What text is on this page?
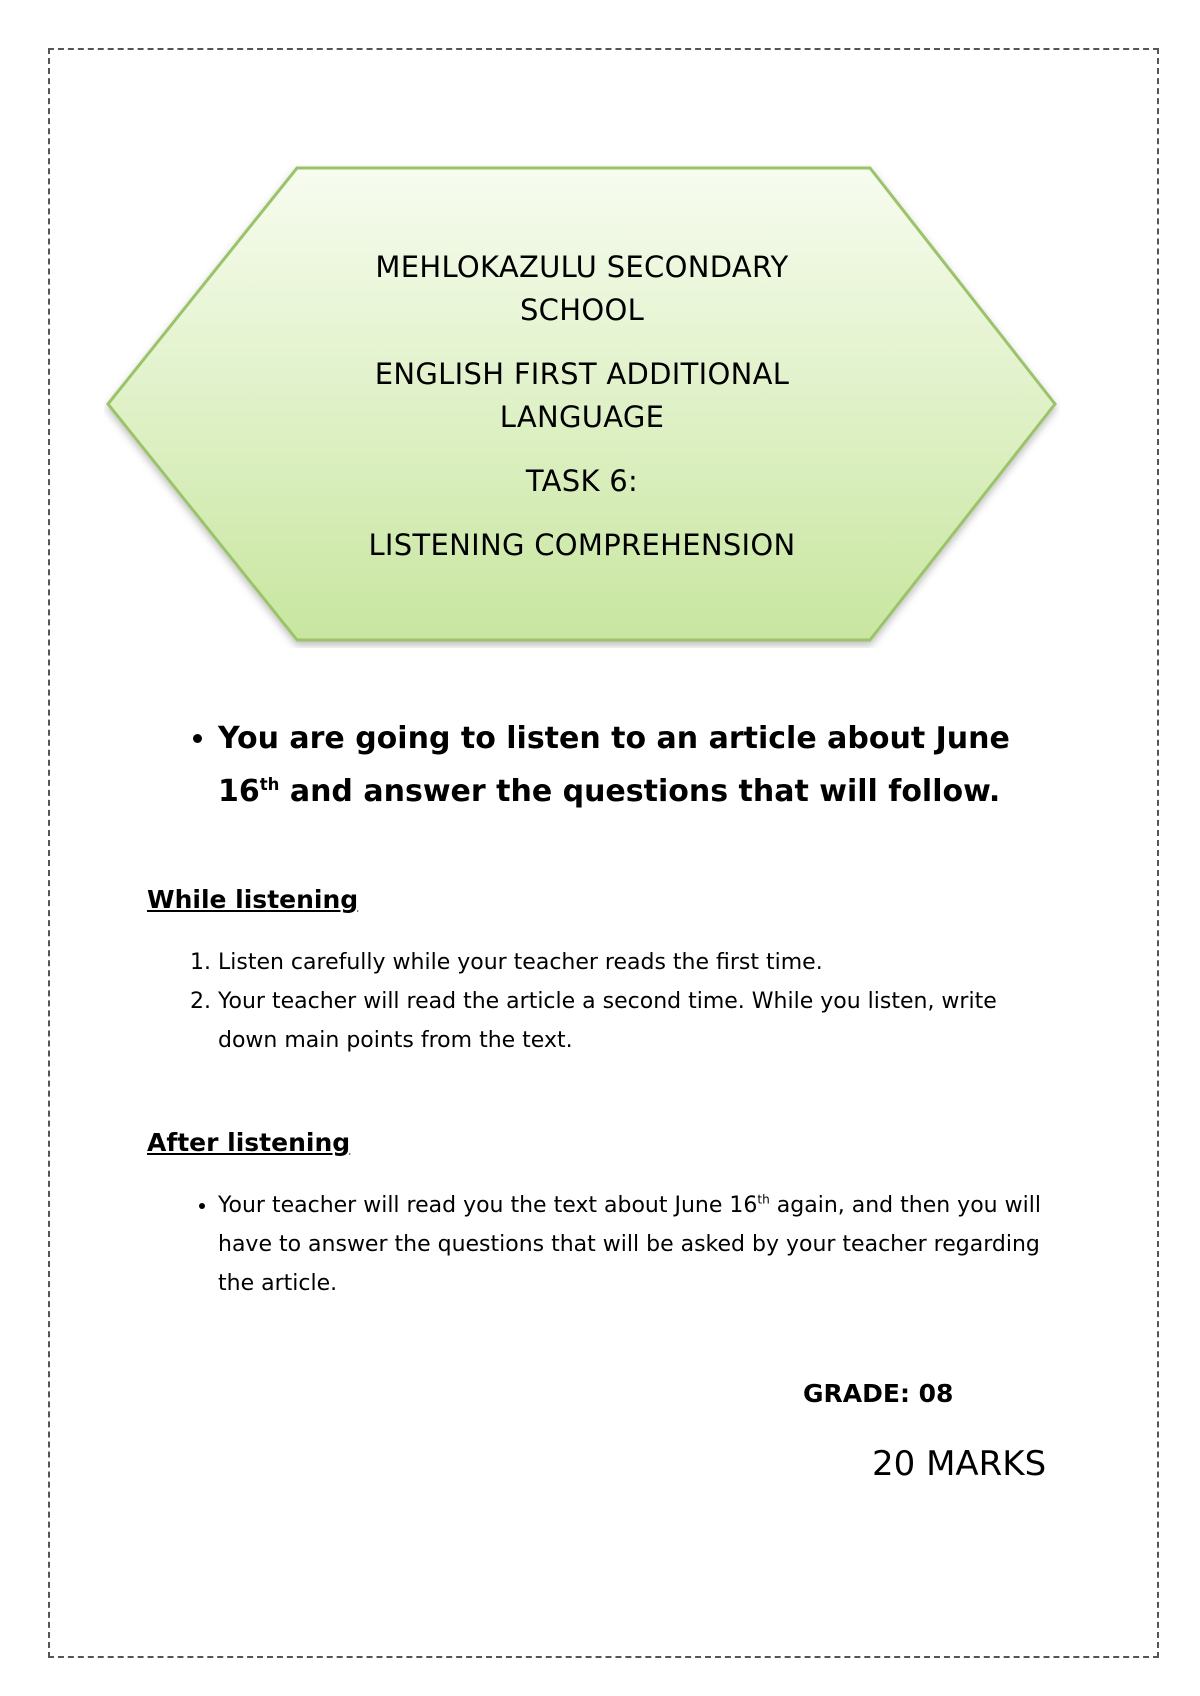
MEHLOKAZULU SECONDARY SCHOOL

ENGLISH FIRST ADDITIONAL LANGUAGE

TASK 6:

LISTENING COMPREHENSION

• You are going to listen to an article about June 16th and answer the questions that will follow.
While listening
1. Listen carefully while your teacher reads the first time.
2. Your teacher will read the article a second time. While you listen, write down main points from the text.
After listening
• Your teacher will read you the text about June 16th again, and then you will have to answer the questions that will be asked by your teacher regarding the article.
GRADE: 08
20 MARKS
